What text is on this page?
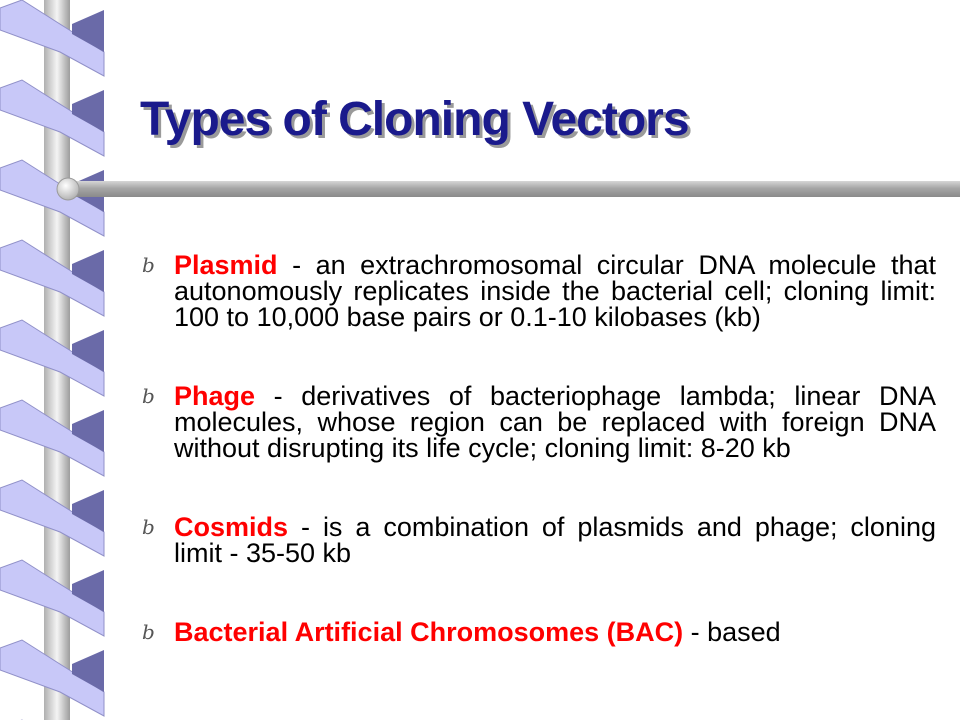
Types of Cloning Vectors
b Plasmid - an extrachromosomal circular DNA molecule that autonomously replicates inside the bacterial cell; cloning limit: 100 to 10,000 base pairs or 0.1-10 kilobases (kb)
b Phage - derivatives of bacteriophage lambda; linear DNA molecules, whose region can be replaced with foreign DNA without disrupting its life cycle; cloning limit: 8-20 kb
b Cosmids - is a combination of plasmids and phage; cloning limit - 35-50 kb
b Bacterial Artificial Chromosomes (BAC) - based
